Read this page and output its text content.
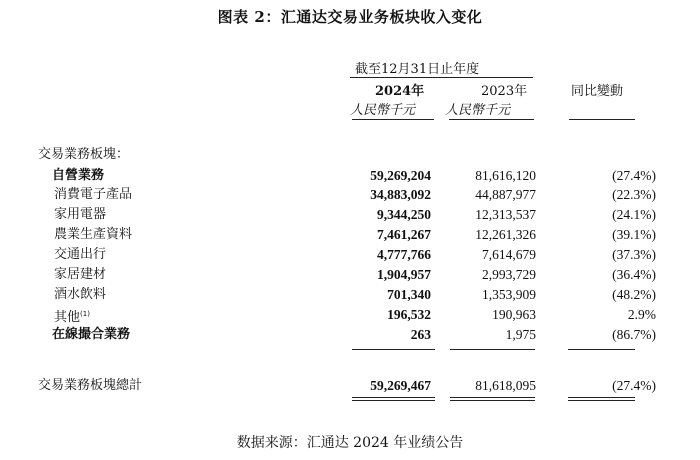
图表 2：汇通达交易业务板块收入变化
截至12月31日止年度
2024年	2023年	同比變動
人民幣千元 人民幣千元
交易業務板塊：
自營業務	59,269,204	81,616,120	(27.4%)
消費電子產品	34,883,092	44,887,977	(22.3%)
家用電器	9,344,250	12,313,537	(24.1%)
農業生產資料	7,461,267	12,261,326	(39.1%)
交通出行	4,777,766	7,614,679	(37.3%)
家居建材	1,904,957	2,993,729	(36.4%)
酒水飲料	701,340	1,353,909	(48.2%)
其他$^{(1)}$	196,532	190,963	2.9%
在線撮合業務	263	1,975	(86.7%)
交易業務板塊總計	59,269,467	81,618,095	(27.4%)
数据来源：汇通达 2024 年业绩公告
